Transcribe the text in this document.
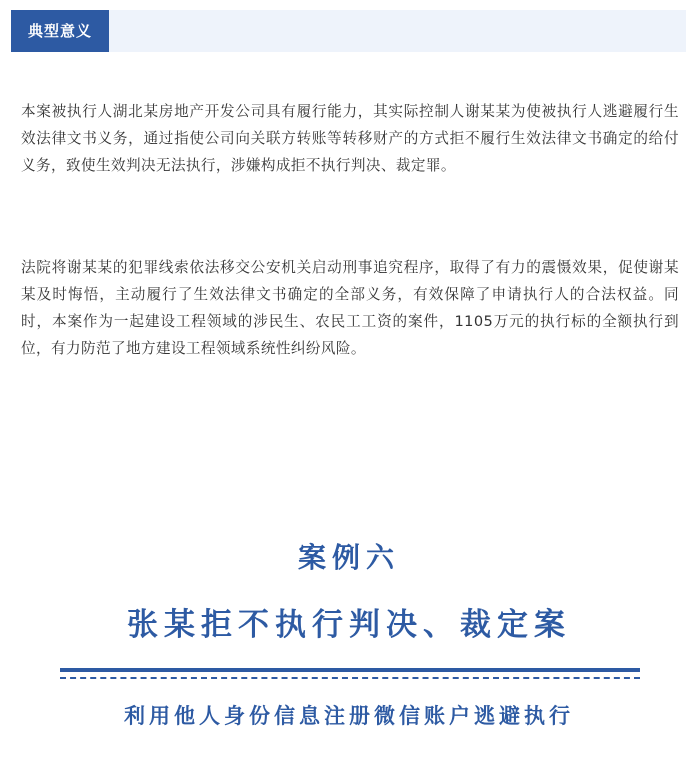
典型意义

本案被执行人湖北某房地产开发公司具有履行能力，其实际控制人谢某某为使被执行人逃避履行生效法律文书义务，通过指使公司向关联方转账等转移财产的方式拒不履行生效法律文书确定的给付义务，致使生效判决无法执行，涉嫌构成拒不执行判决、裁定罪。

法院将谢某某的犯罪线索依法移交公安机关启动刑事追究程序，取得了有力的震慑效果，促使谢某某及时悔悟，主动履行了生效法律文书确定的全部义务，有效保障了申请执行人的合法权益。同时，本案作为一起建设工程领域的涉民生、农民工工资的案件，1105万元的执行标的全额执行到位，有力防范了地方建设工程领域系统性纠纷风险。

案例六
张某拒不执行判决、裁定案
利用他人身份信息注册微信账户逃避执行
